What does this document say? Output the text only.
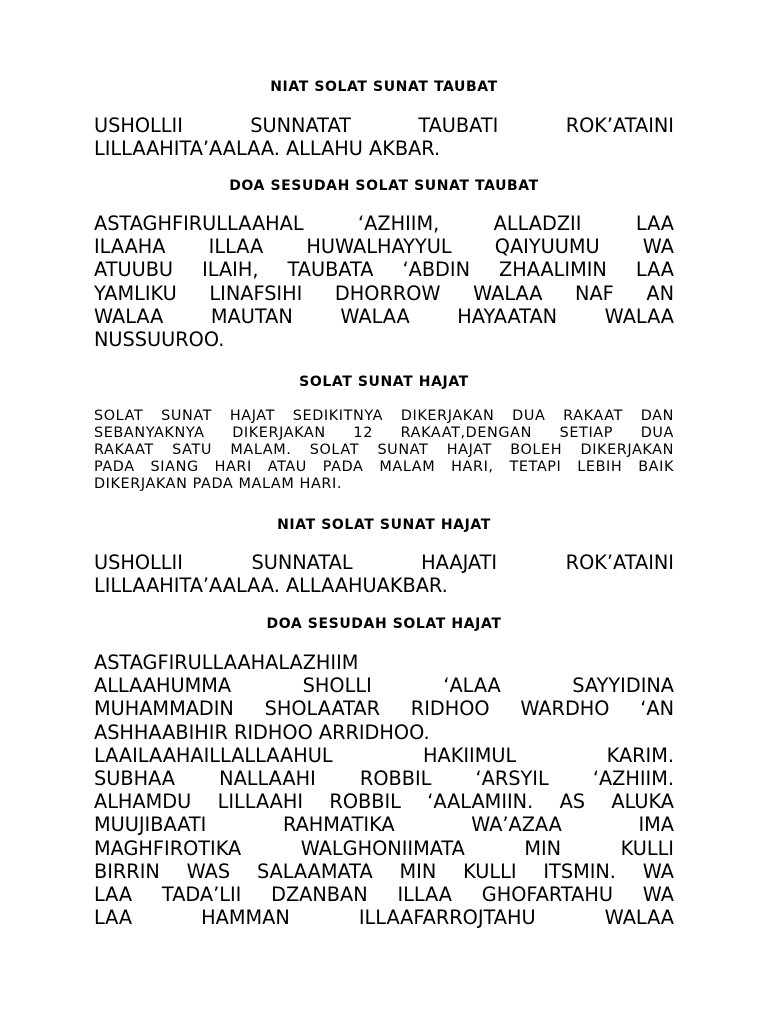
NIAT SOLAT SUNAT TAUBAT
USHOLLII SUNNATAT TAUBATI ROK’ATAINI
LILLAAHITA’AALAA. ALLAHU AKBAR.
DOA SESUDAH SOLAT SUNAT TAUBAT
ASTAGHFIRULLAAHAL ‘AZHIIM, ALLADZII LAA
ILAAHA ILLAA HUWALHAYYUL QAIYUUMU WA
ATUUBU ILAIH, TAUBATA ‘ABDIN ZHAALIMIN LAA
YAMLIKU LINAFSIHI DHORROW WALAA NAF AN
WALAA MAUTAN WALAA HAYAATAN WALAA
NUSSUUROO.
SOLAT SUNAT HAJAT
SOLAT SUNAT HAJAT SEDIKITNYA DIKERJAKAN DUA RAKAAT DAN
SEBANYAKNYA DIKERJAKAN 12 RAKAAT,DENGAN SETIAP DUA
RAKAAT SATU MALAM. SOLAT SUNAT HAJAT BOLEH DIKERJAKAN
PADA SIANG HARI ATAU PADA MALAM HARI, TETAPI LEBIH BAIK
DIKERJAKAN PADA MALAM HARI.
NIAT SOLAT SUNAT HAJAT
USHOLLII SUNNATAL HAAJATI ROK’ATAINI
LILLAAHITA’AALAA. ALLAAHUAKBAR.
DOA SESUDAH SOLAT HAJAT
ASTAGFIRULLAAHALAZHIIM
ALLAAHUMMA SHOLLI ‘ALAA SAYYIDINA
MUHAMMADIN SHOLAATAR RIDHOO WARDHO ‘AN
ASHHAABIHIR RIDHOO ARRIDHOO.
LAAILAAHAILLALLAAHUL HAKIIMUL KARIM.
SUBHAA NALLAAHI ROBBIL ‘ARSYIL ‘AZHIIM.
ALHAMDU LILLAAHI ROBBIL ‘AALAMIIN. AS ALUKA
MUUJIBAATI RAHMATIKA WA’AZAA IMA
MAGHFIROTIKA WALGHONIIMATA MIN KULLI
BIRRIN WAS SALAAMATA MIN KULLI ITSMIN. WA
LAA TADA’LII DZANBAN ILLAA GHOFARTAHU WA
LAA HAMMAN ILLAAFARROJTAHU WALAA
